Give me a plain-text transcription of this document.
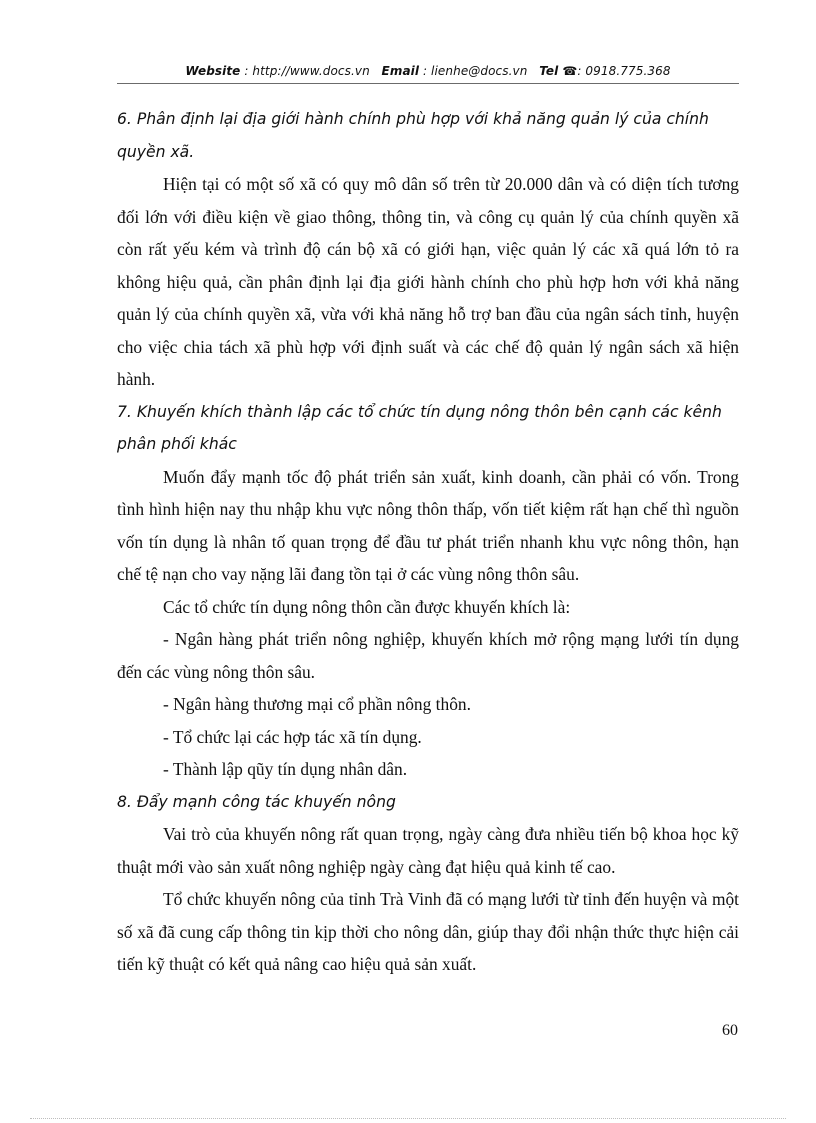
Website : http://www.docs.vn Email : lienhe@docs.vn Tel ☎: 0918.775.368

6. Phân định lại địa giới hành chính phù hợp với khả năng quản lý của chính quyền xã.

Hiện tại có một số xã có quy mô dân số trên từ 20.000 dân và có diện tích tương đối lớn với điều kiện về giao thông, thông tin, và công cụ quản lý của chính quyền xã còn rất yếu kém và trình độ cán bộ xã có giới hạn, việc quản lý các xã quá lớn tỏ ra không hiệu quả, cần phân định lại địa giới hành chính cho phù hợp hơn với khả năng quản lý của chính quyền xã, vừa với khả năng hỗ trợ ban đầu của ngân sách tỉnh, huyện cho việc chia tách xã phù hợp với định suất và các chế độ quản lý ngân sách xã hiện hành.

7. Khuyến khích thành lập các tổ chức tín dụng nông thôn bên cạnh các kênh phân phối khác

Muốn đẩy mạnh tốc độ phát triển sản xuất, kinh doanh, cần phải có vốn. Trong tình hình hiện nay thu nhập khu vực nông thôn thấp, vốn tiết kiệm rất hạn chế thì nguồn vốn tín dụng là nhân tố quan trọng để đầu tư phát triển nhanh khu vực nông thôn, hạn chế tệ nạn cho vay nặng lãi đang tồn tại ở các vùng nông thôn sâu.

Các tổ chức tín dụng nông thôn cần được khuyến khích là:

- Ngân hàng phát triển nông nghiệp, khuyến khích mở rộng mạng lưới tín dụng đến các vùng nông thôn sâu.

- Ngân hàng thương mại cổ phần nông thôn.

- Tổ chức lại các hợp tác xã tín dụng.

- Thành lập qũy tín dụng nhân dân.

8. Đẩy mạnh công tác khuyến nông

Vai trò của khuyến nông rất quan trọng, ngày càng đưa nhiều tiến bộ khoa học kỹ thuật mới vào sản xuất nông nghiệp ngày càng đạt hiệu quả kinh tế cao.

Tổ chức khuyến nông của tỉnh Trà Vinh đã có mạng lưới từ tỉnh đến huyện và một số xã đã cung cấp thông tin kịp thời cho nông dân, giúp thay đổi nhận thức thực hiện cải tiến kỹ thuật có kết quả nâng cao hiệu quả sản xuất.

60
